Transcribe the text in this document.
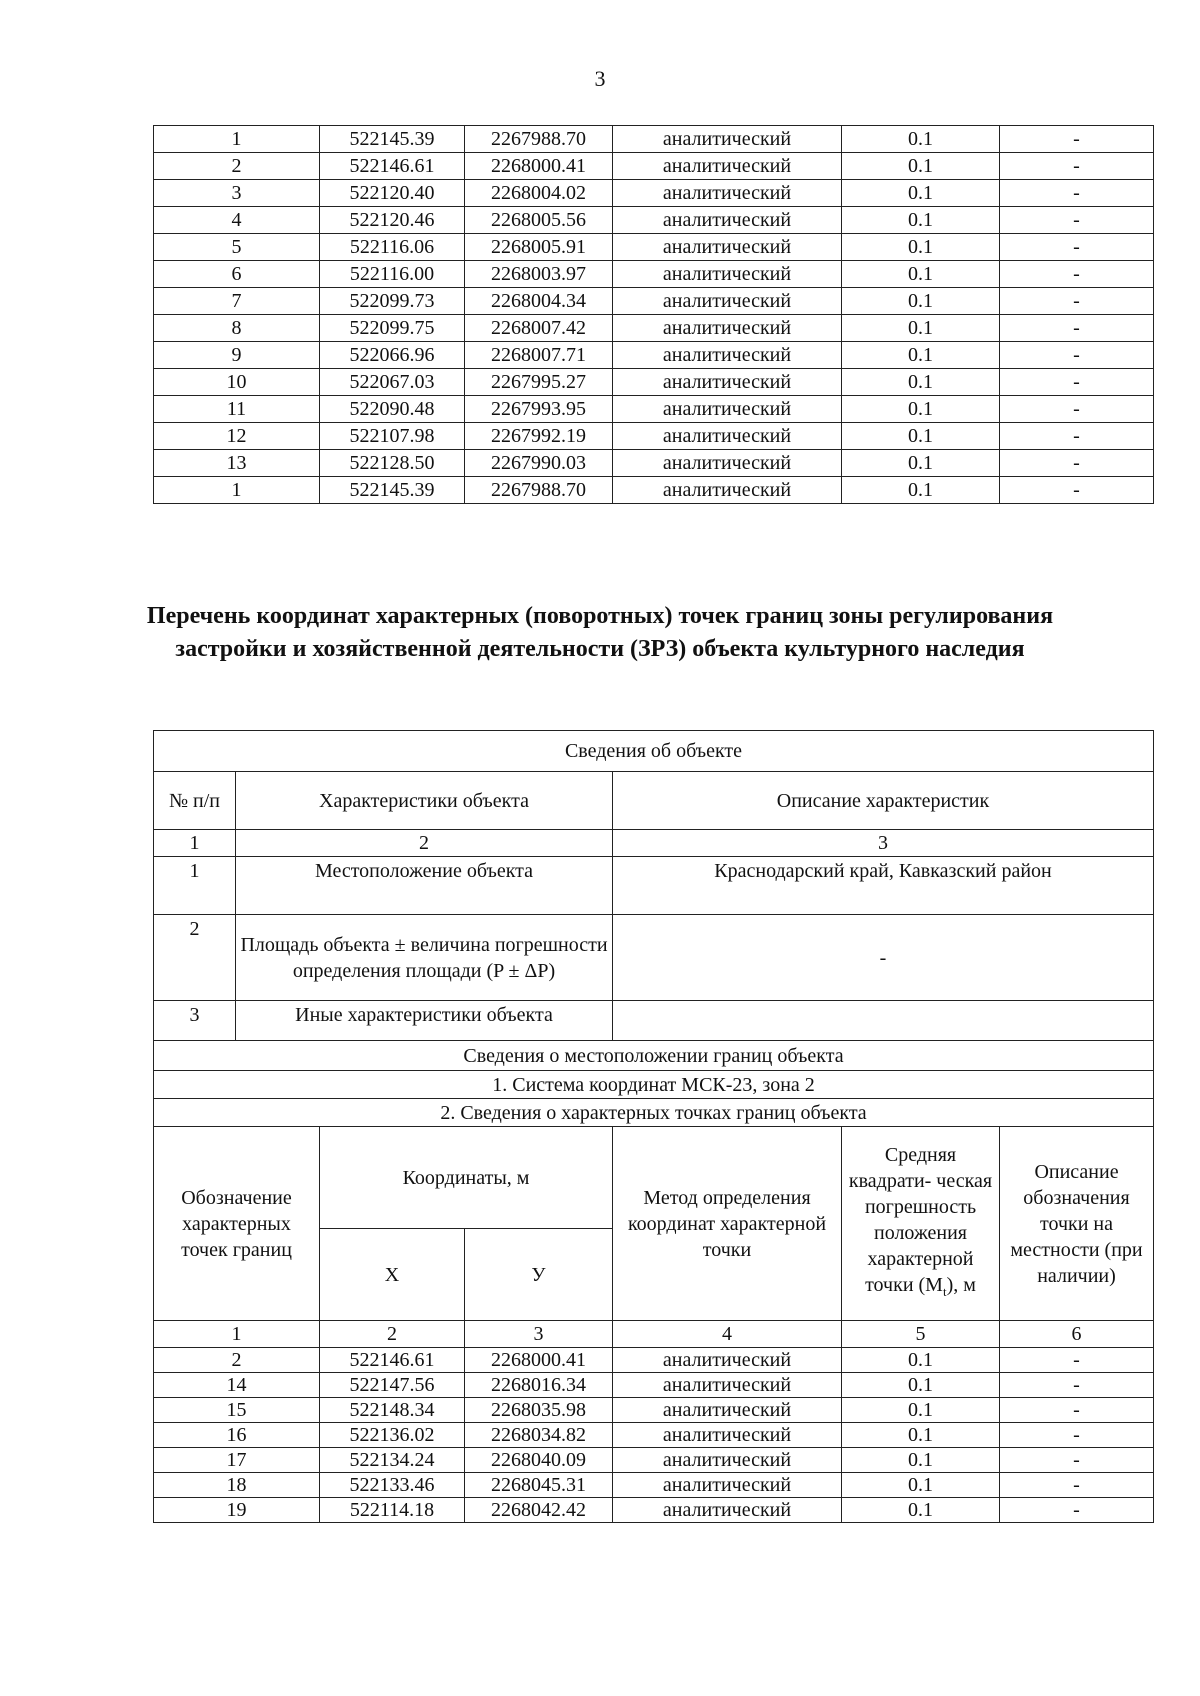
3
1	522145.39	2267988.70	аналитический	0.1	-
2	522146.61	2268000.41	аналитический	0.1	-
3	522120.40	2268004.02	аналитический	0.1	-
4	522120.46	2268005.56	аналитический	0.1	-
5	522116.06	2268005.91	аналитический	0.1	-
6	522116.00	2268003.97	аналитический	0.1	-
7	522099.73	2268004.34	аналитический	0.1	-
8	522099.75	2268007.42	аналитический	0.1	-
9	522066.96	2268007.71	аналитический	0.1	-
10	522067.03	2267995.27	аналитический	0.1	-
11	522090.48	2267993.95	аналитический	0.1	-
12	522107.98	2267992.19	аналитический	0.1	-
13	522128.50	2267990.03	аналитический	0.1	-
1	522145.39	2267988.70	аналитический	0.1	-
Перечень координат характерных (поворотных) точек границ зоны регулирования застройки и хозяйственной деятельности (ЗРЗ) объекта культурного наследия
Сведения об объекте						
№ п/п	Характеристики объекта			Описание характеристик		
1	2			3		
1	Местоположение объекта			Краснодарский край, Кавказский район		
2	Площадь объекта ± величина погрешности определения площади (P ± ΔP)			-		
3	Иные характеристики объекта					
Сведения о местоположении границ объекта						
1. Система координат МСК-23, зона 2						
2. Сведения о характерных точках границ объекта						
Обозначение характерных точек границ		Координаты, м		Метод определения координат характерной точки	Средняя квадрати- ческая погрешность положения характерной точки $(M_t)$, м	Описание обозначения точки на местности (при наличии)
		X	У			
1		2	3	4	5	6
2		522146.61	2268000.41	аналитический	0.1	-
14		522147.56	2268016.34	аналитический	0.1	-
15		522148.34	2268035.98	аналитический	0.1	-
16		522136.02	2268034.82	аналитический	0.1	-
17		522134.24	2268040.09	аналитический	0.1	-
18		522133.46	2268045.31	аналитический	0.1	-
19		522114.18	2268042.42	аналитический	0.1	-
